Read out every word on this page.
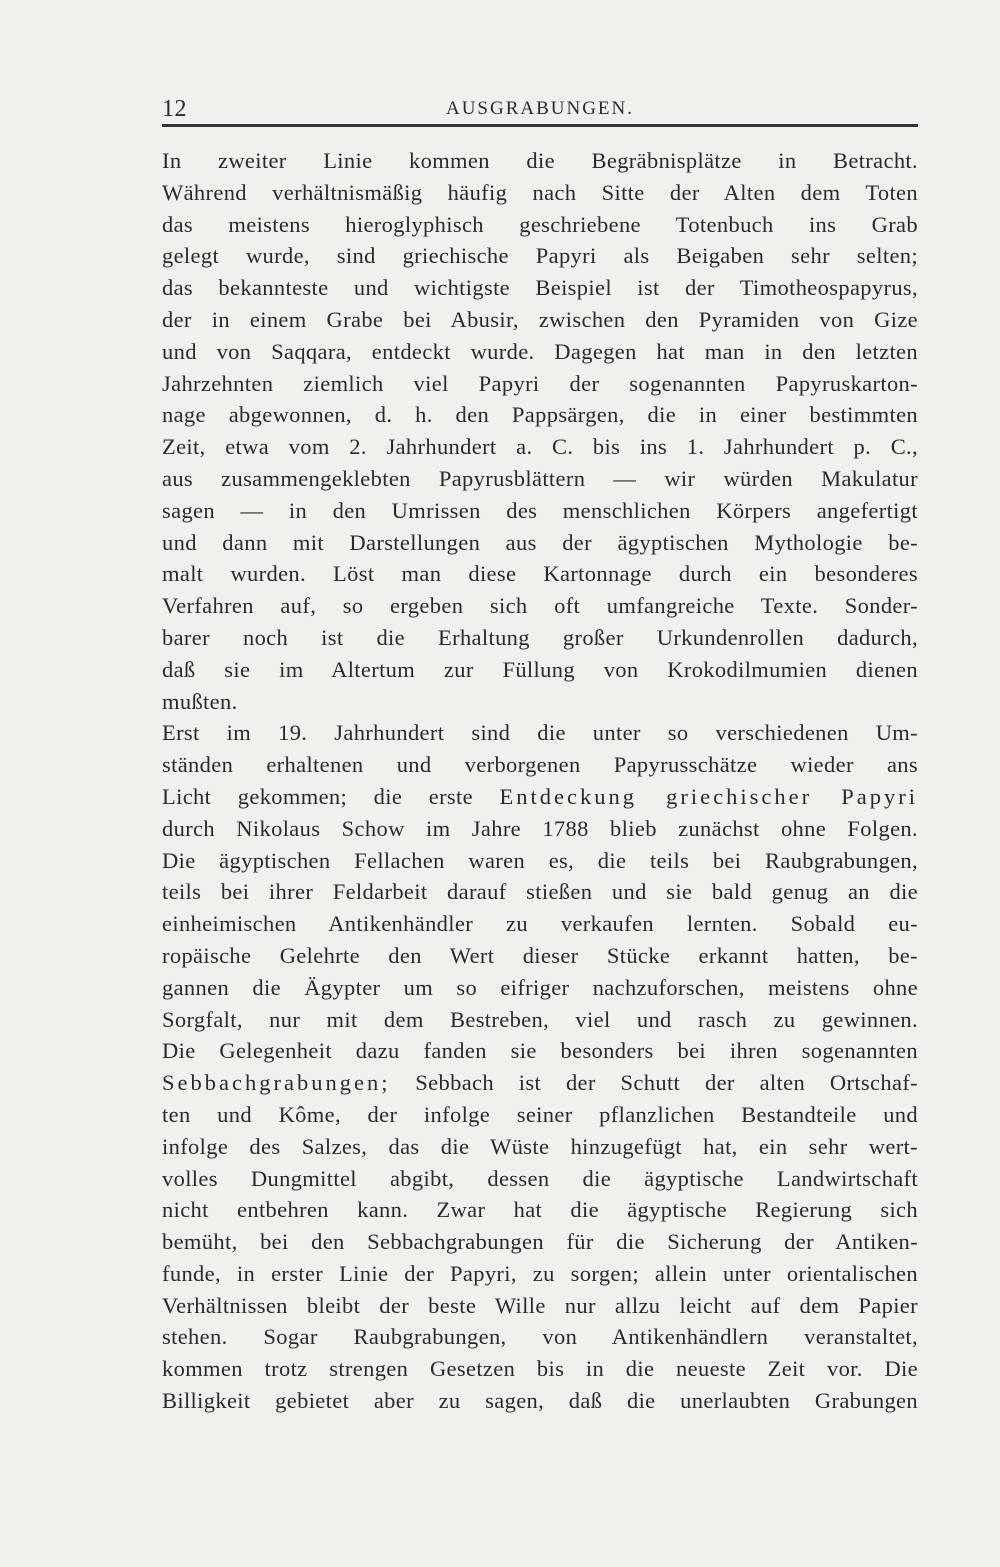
12	AUSGRABUNGEN.
In zweiter Linie kommen die Begräbnisplätze in Betracht.
Während verhältnismäßig häufig nach Sitte der Alten dem Toten
das meistens hieroglyphisch geschriebene Totenbuch ins Grab
gelegt wurde, sind griechische Papyri als Beigaben sehr selten;
das bekannteste und wichtigste Beispiel ist der Timotheospapyrus,
der in einem Grabe bei Abusir, zwischen den Pyramiden von Gize
und von Saqqara, entdeckt wurde. Dagegen hat man in den letzten
Jahrzehnten ziemlich viel Papyri der sogenannten Papyruskarton-
nage abgewonnen, d. h. den Pappsärgen, die in einer bestimmten
Zeit, etwa vom 2. Jahrhundert a. C. bis ins 1. Jahrhundert p. C.,
aus zusammengeklebten Papyrusblättern — wir würden Makulatur
sagen — in den Umrissen des menschlichen Körpers angefertigt
und dann mit Darstellungen aus der ägyptischen Mythologie be-
malt wurden. Löst man diese Kartonnage durch ein besonderes
Verfahren auf, so ergeben sich oft umfangreiche Texte. Sonder-
barer noch ist die Erhaltung großer Urkundenrollen dadurch,
daß sie im Altertum zur Füllung von Krokodilmumien dienen
mußten.
Erst im 19. Jahrhundert sind die unter so verschiedenen Um-
ständen erhaltenen und verborgenen Papyrusschätze wieder ans
Licht gekommen; die erste Entdeckung griechischer Papyri
durch Nikolaus Schow im Jahre 1788 blieb zunächst ohne Folgen.
Die ägyptischen Fellachen waren es, die teils bei Raubgrabungen,
teils bei ihrer Feldarbeit darauf stießen und sie bald genug an die
einheimischen Antikenhändler zu verkaufen lernten. Sobald eu-
ropäische Gelehrte den Wert dieser Stücke erkannt hatten, be-
gannen die Ägypter um so eifriger nachzuforschen, meistens ohne
Sorgfalt, nur mit dem Bestreben, viel und rasch zu gewinnen.
Die Gelegenheit dazu fanden sie besonders bei ihren sogenannten
Sebbachgrabungen; Sebbach ist der Schutt der alten Ortschaf-
ten und Kôme, der infolge seiner pflanzlichen Bestandteile und
infolge des Salzes, das die Wüste hinzugefügt hat, ein sehr wert-
volles Dungmittel abgibt, dessen die ägyptische Landwirtschaft
nicht entbehren kann. Zwar hat die ägyptische Regierung sich
bemüht, bei den Sebbachgrabungen für die Sicherung der Antiken-
funde, in erster Linie der Papyri, zu sorgen; allein unter orientalischen
Verhältnissen bleibt der beste Wille nur allzu leicht auf dem Papier
stehen. Sogar Raubgrabungen, von Antikenhändlern veranstaltet,
kommen trotz strengen Gesetzen bis in die neueste Zeit vor. Die
Billigkeit gebietet aber zu sagen, daß die unerlaubten Grabungen
